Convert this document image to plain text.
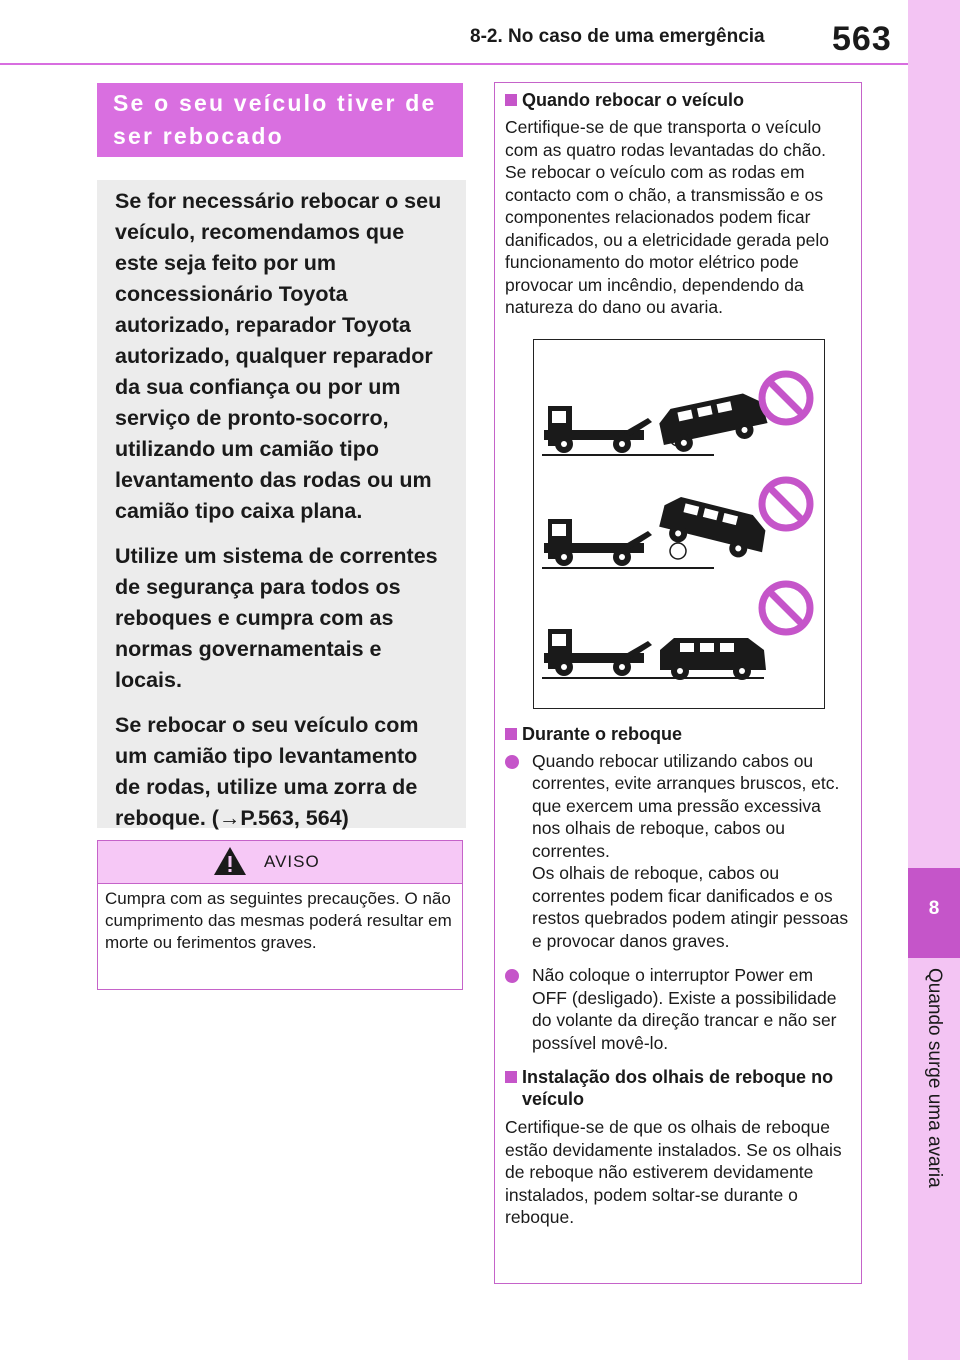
8-2. No caso de uma emergência 563
8
Quando surge uma avaria
Se o seu veículo tiver de ser rebocado

Se for necessário rebocar o seu veículo, recomendamos que este seja feito por um concessionário Toyota autorizado, reparador Toyota autorizado, qualquer reparador da sua confiança ou por um serviço de pronto-socorro, utilizando um camião tipo levantamento das rodas ou um camião tipo caixa plana.

Utilize um sistema de correntes de segurança para todos os reboques e cumpra com as normas governamentais e locais.

Se rebocar o seu veículo com um camião tipo levantamento de rodas, utilize uma zorra de reboque. (→P.563, 564)

AVISO
Cumpra com as seguintes precauções. O não cumprimento das mesmas poderá resultar em morte ou ferimentos graves.
Quando rebocar o veículo
Certifique-se de que transporta o veículo com as quatro rodas levantadas do chão. Se rebocar o veículo com as rodas em contacto com o chão, a transmissão e os componentes relacionados podem ficar danificados, ou a eletricidade gerada pelo funcionamento do motor elétrico pode provocar um incêndio, dependendo da natureza do dano ou avaria.
Durante o reboque
Quando rebocar utilizando cabos ou correntes, evite arranques bruscos, etc. que exercem uma pressão excessiva nos olhais de reboque, cabos ou correntes.
Os olhais de reboque, cabos ou correntes podem ficar danificados e os restos quebrados podem atingir pessoas e provocar danos graves.
Não coloque o interruptor Power em OFF (desligado). Existe a possibilidade do volante da direção trancar e não ser possível movê-lo.
Instalação dos olhais de reboque no veículo
Certifique-se de que os olhais de reboque estão devidamente instalados. Se os olhais de reboque não estiverem devidamente instalados, podem soltar-se durante o reboque.
